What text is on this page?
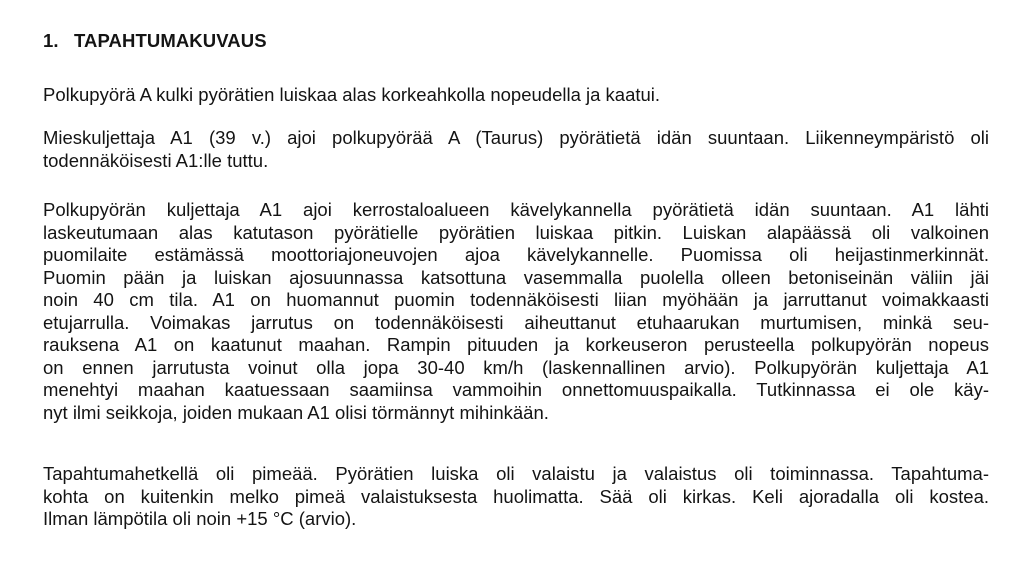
1. TAPAHTUMAKUVAUS
Polkupyörä A kulki pyörätien luiskaa alas korkeahkolla nopeudella ja kaatui.
Mieskuljettaja A1 (39 v.) ajoi polkupyörää A (Taurus) pyörätietä idän suuntaan. Liikenneympäristö oli
todennäköisesti A1:lle tuttu.
Polkupyörän kuljettaja A1 ajoi kerrostaloalueen kävelykannella pyörätietä idän suuntaan. A1 lähti
laskeutumaan alas katutason pyörätielle pyörätien luiskaa pitkin. Luiskan alapäässä oli valkoinen
puomilaite estämässä moottoriajoneuvojen ajoa kävelykannelle. Puomissa oli heijastinmerkinnät.
Puomin pään ja luiskan ajosuunnassa katsottuna vasemmalla puolella olleen betoniseinän väliin jäi
noin 40 cm tila. A1 on huomannut puomin todennäköisesti liian myöhään ja jarruttanut voimakkaasti
etujarrulla. Voimakas jarrutus on todennäköisesti aiheuttanut etuhaarukan murtumisen, minkä seu-
rauksena A1 on kaatunut maahan. Rampin pituuden ja korkeuseron perusteella polkupyörän nopeus
on ennen jarrutusta voinut olla jopa 30-40 km/h (laskennallinen arvio). Polkupyörän kuljettaja A1
menehtyi maahan kaatuessaan saamiinsa vammoihin onnettomuuspaikalla. Tutkinnassa ei ole käy-
nyt ilmi seikkoja, joiden mukaan A1 olisi törmännyt mihinkään.
Tapahtumahetkellä oli pimeää. Pyörätien luiska oli valaistu ja valaistus oli toiminnassa. Tapahtuma-
kohta on kuitenkin melko pimeä valaistuksesta huolimatta. Sää oli kirkas. Keli ajoradalla oli kostea.
Ilman lämpötila oli noin +15 °C (arvio).
